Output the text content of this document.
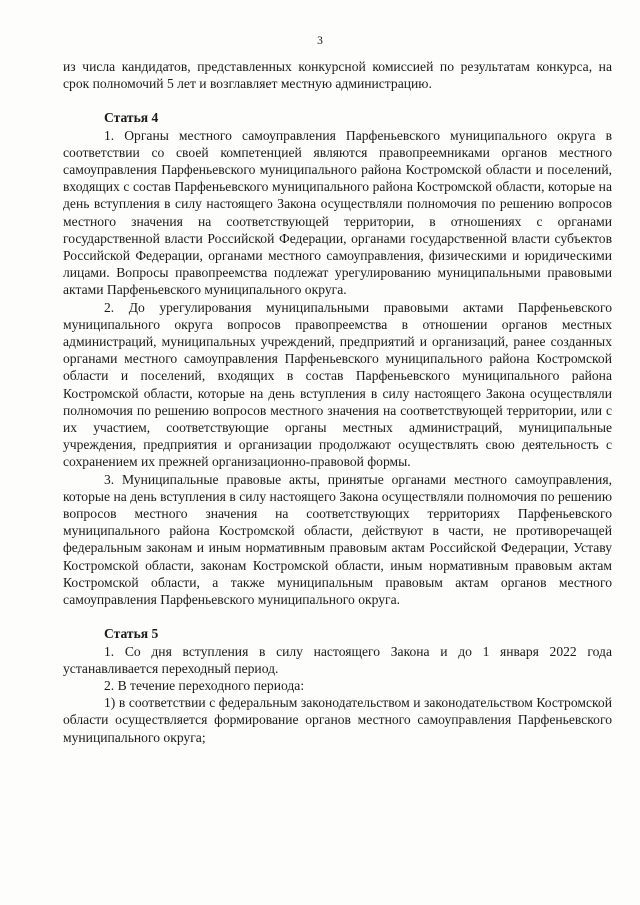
3

из числа кандидатов, представленных конкурсной комиссией по результатам конкурса, на срок полномочий 5 лет и возглавляет местную администрацию.

Статья 4

1. Органы местного самоуправления Парфеньевского муниципального округа в соответствии со своей компетенцией являются правопреемниками органов местного самоуправления Парфеньевского муниципального района Костромской области и поселений, входящих с состав Парфеньевского муниципального района Костромской области, которые на день вступления в силу настоящего Закона осуществляли полномочия по решению вопросов местного значения на соответствующей территории, в отношениях с органами государственной власти Российской Федерации, органами государственной власти субъектов Российской Федерации, органами местного самоуправления, физическими и юридическими лицами. Вопросы правопреемства подлежат урегулированию муниципальными правовыми актами Парфеньевского муниципального округа.

2. До урегулирования муниципальными правовыми актами Парфеньевского муниципального округа вопросов правопреемства в отношении органов местных администраций, муниципальных учреждений, предприятий и организаций, ранее созданных органами местного самоуправления Парфеньевского муниципального района Костромской области и поселений, входящих в состав Парфеньевского муниципального района Костромской области, которые на день вступления в силу настоящего Закона осуществляли полномочия по решению вопросов местного значения на соответствующей территории, или с их участием, соответствующие органы местных администраций, муниципальные учреждения, предприятия и организации продолжают осуществлять свою деятельность с сохранением их прежней организационно-правовой формы.

3. Муниципальные правовые акты, принятые органами местного самоуправления, которые на день вступления в силу настоящего Закона осуществляли полномочия по решению вопросов местного значения на соответствующих территориях Парфеньевского муниципального района Костромской области, действуют в части, не противоречащей федеральным законам и иным нормативным правовым актам Российской Федерации, Уставу Костромской области, законам Костромской области, иным нормативным правовым актам Костромской области, а также муниципальным правовым актам органов местного самоуправления Парфеньевского муниципального округа.

Статья 5

1. Со дня вступления в силу настоящего Закона и до 1 января 2022 года устанавливается переходный период.

2. В течение переходного периода:

1) в соответствии с федеральным законодательством и законодательством Костромской области осуществляется формирование органов местного самоуправления Парфеньевского муниципального округа;
